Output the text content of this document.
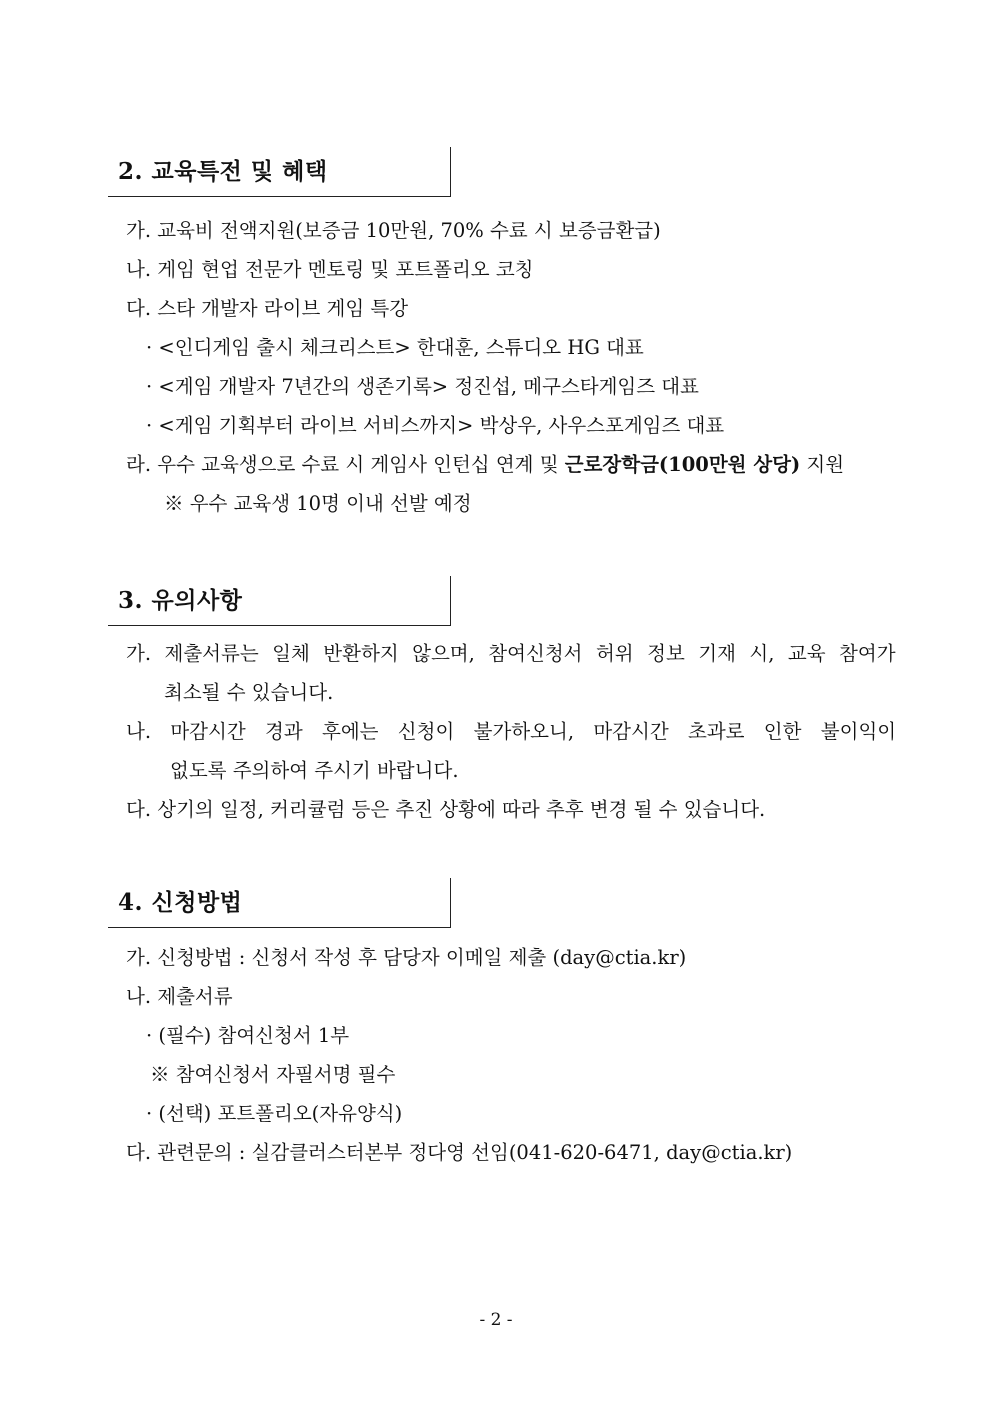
2. 교육특전 및 혜택
가. 교육비 전액지원(보증금 10만원, 70% 수료 시 보증금환급)
나. 게임 현업 전문가 멘토링 및 포트폴리오 코칭
다. 스타 개발자 라이브 게임 특강
· <인디게임 출시 체크리스트> 한대훈, 스튜디오 HG 대표
· <게임 개발자 7년간의 생존기록> 정진섭, 메구스타게임즈 대표
· <게임 기획부터 라이브 서비스까지> 박상우, 사우스포게임즈 대표
라. 우수 교육생으로 수료 시 게임사 인턴십 연계 및 근로장학금(100만원 상당) 지원
※ 우수 교육생 10명 이내 선발 예정
3. 유의사항
가. 제출서류는 일체 반환하지 않으며, 참여신청서 허위 정보 기재 시, 교육 참여가
최소될 수 있습니다.
나. 마감시간 경과 후에는 신청이 불가하오니, 마감시간 초과로 인한 불이익이
없도록 주의하여 주시기 바랍니다.
다. 상기의 일정, 커리큘럼 등은 추진 상황에 따라 추후 변경 될 수 있습니다.
4. 신청방법
가. 신청방법 : 신청서 작성 후 담당자 이메일 제출 (day@ctia.kr)
나. 제출서류
· (필수) 참여신청서 1부
※ 참여신청서 자필서명 필수
· (선택) 포트폴리오(자유양식)
다. 관련문의 : 실감클러스터본부 정다영 선임(041-620-6471, day@ctia.kr)
- 2 -
